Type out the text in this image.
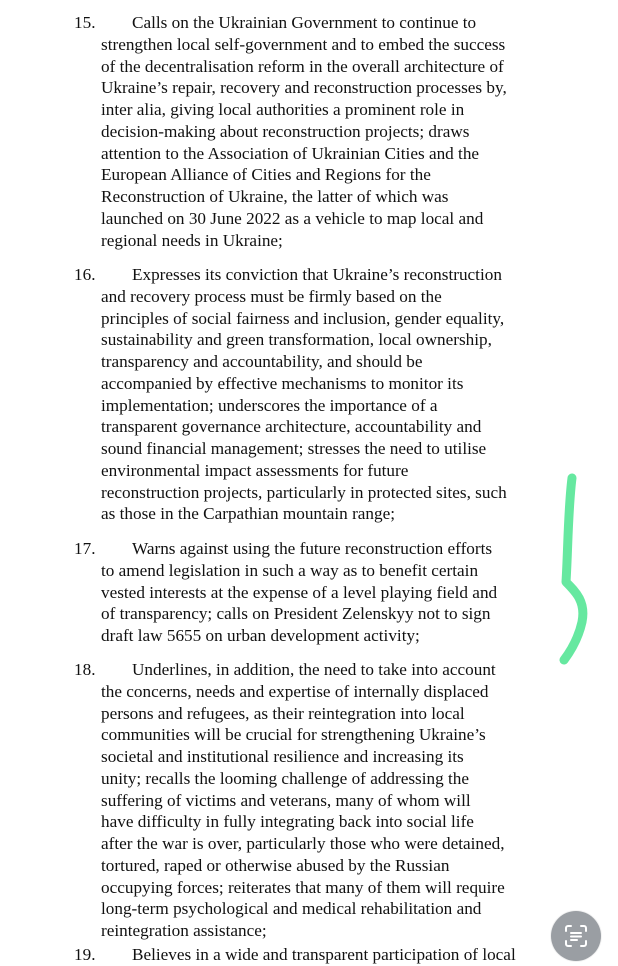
15.	Calls on the Ukrainian Government to continue to
strengthen local self-government and to embed the success
of the decentralisation reform in the overall architecture of
Ukraine’s repair, recovery and reconstruction processes by,
inter alia, giving local authorities a prominent role in
decision-making about reconstruction projects; draws
attention to the Association of Ukrainian Cities and the
European Alliance of Cities and Regions for the
Reconstruction of Ukraine, the latter of which was
launched on 30 June 2022 as a vehicle to map local and
regional needs in Ukraine;
16.	Expresses its conviction that Ukraine’s reconstruction
and recovery process must be firmly based on the
principles of social fairness and inclusion, gender equality,
sustainability and green transformation, local ownership,
transparency and accountability, and should be
accompanied by effective mechanisms to monitor its
implementation; underscores the importance of a
transparent governance architecture, accountability and
sound financial management; stresses the need to utilise
environmental impact assessments for future
reconstruction projects, particularly in protected sites, such
as those in the Carpathian mountain range;
17.	Warns against using the future reconstruction efforts
to amend legislation in such a way as to benefit certain
vested interests at the expense of a level playing field and
of transparency; calls on President Zelenskyy not to sign
draft law 5655 on urban development activity;
18.	Underlines, in addition, the need to take into account
the concerns, needs and expertise of internally displaced
persons and refugees, as their reintegration into local
communities will be crucial for strengthening Ukraine’s
societal and institutional resilience and increasing its
unity; recalls the looming challenge of addressing the
suffering of victims and veterans, many of whom will
have difficulty in fully integrating back into social life
after the war is over, particularly those who were detained,
tortured, raped or otherwise abused by the Russian
occupying forces; reiterates that many of them will require
long-term psychological and medical rehabilitation and
reintegration assistance;
19.	Believes in a wide and transparent participation of local
